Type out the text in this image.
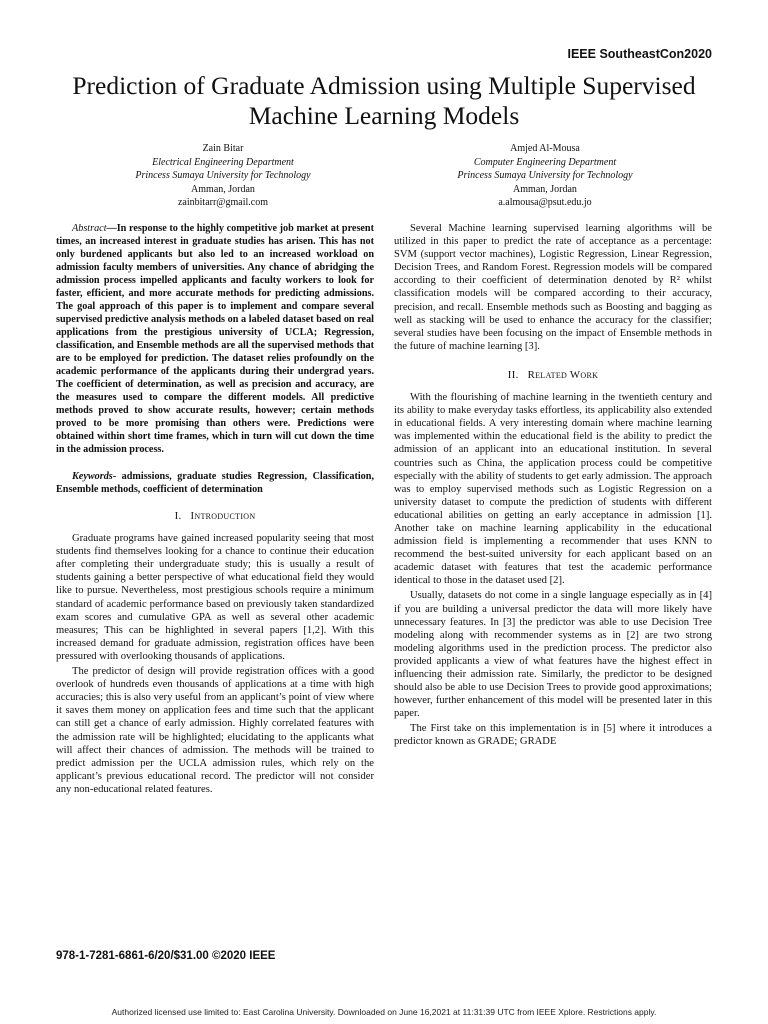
IEEE SoutheastCon2020
Prediction of Graduate Admission using Multiple Supervised Machine Learning Models
Zain Bitar
Electrical Engineering Department
Princess Sumaya University for Technology
Amman, Jordan
zainbitarr@gmail.com
Amjed Al-Mousa
Computer Engineering Department
Princess Sumaya University for Technology
Amman, Jordan
a.almousa@psut.edu.jo
Abstract—In response to the highly competitive job market at present times, an increased interest in graduate studies has arisen. This has not only burdened applicants but also led to an increased workload on admission faculty members of universities. Any chance of abridging the admission process impelled applicants and faculty workers to look for faster, efficient, and more accurate methods for predicting admissions. The goal approach of this paper is to implement and compare several supervised predictive analysis methods on a labeled dataset based on real applications from the prestigious university of UCLA; Regression, classification, and Ensemble methods are all the supervised methods that are to be employed for prediction. The dataset relies profoundly on the academic performance of the applicants during their undergrad years. The coefficient of determination, as well as precision and accuracy, are the measures used to compare the different models. All predictive methods proved to show accurate results, however; certain methods proved to be more promising than others were. Predictions were obtained within short time frames, which in turn will cut down the time in the admission process.
Keywords- admissions, graduate studies Regression, Classification, Ensemble methods, coefficient of determination
I. Introduction

Graduate programs have gained increased popularity seeing that most students find themselves looking for a chance to continue their education after completing their undergraduate study; this is usually a result of students gaining a better perspective of what educational field they would like to pursue. Nevertheless, most prestigious schools require a minimum standard of academic performance based on previously taken standardized exam scores and cumulative GPA as well as several other academic measures; This can be highlighted in several papers [1,2]. With this increased demand for graduate admission, registration offices have been pressured with overlooking thousands of applications.

The predictor of design will provide registration offices with a good overlook of hundreds even thousands of applications at a time with high accuracies; this is also very useful from an applicant’s point of view where it saves them money on application fees and time such that the applicant can still get a chance of early admission. Highly correlated features with the admission rate will be highlighted; elucidating to the applicants what will affect their chances of admission. The methods will be trained to predict admission per the UCLA admission rules, which rely on the applicant’s previous educational record. The predictor will not consider any non-educational related features.

Several Machine learning supervised learning algorithms will be utilized in this paper to predict the rate of acceptance as a percentage: SVM (support vector machines), Logistic Regression, Linear Regression, Decision Trees, and Random Forest. Regression models will be compared according to their coefficient of determination denoted by R² whilst classification models will be compared according to their accuracy, precision, and recall. Ensemble methods such as Boosting and bagging as well as stacking will be used to enhance the accuracy for the classifier; several studies have been focusing on the impact of Ensemble methods in the future of machine learning [3].

II. Related Work

With the flourishing of machine learning in the twentieth century and its ability to make everyday tasks effortless, its applicability also extended in educational fields. A very interesting domain where machine learning was implemented within the educational field is the ability to predict the admission of an applicant into an educational institution. In several countries such as China, the application process could be competitive especially with the ability of students to get early admission. The approach was to employ supervised methods such as Logistic Regression on a university dataset to compute the prediction of students with different educational abilities on getting an early acceptance in admission [1]. Another take on machine learning applicability in the educational admission field is implementing a recommender that uses KNN to recommend the best-suited university for each applicant based on an academic dataset with features that test the academic performance identical to those in the dataset used [2].

Usually, datasets do not come in a single language especially as in [4] if you are building a universal predictor the data will more likely have unnecessary features. In [3] the predictor was able to use Decision Tree modeling along with recommender systems as in [2] are two strong modeling algorithms used in the prediction process. The predictor also provided applicants a view of what features have the highest effect in influencing their admission rate. Similarly, the predictor to be designed should also be able to use Decision Trees to provide good approximations; however, further enhancement of this model will be presented later in this paper.

The First take on this implementation is in [5] where it introduces a predictor known as GRADE; GRADE

978-1-7281-6861-6/20/$31.00 ©2020 IEEE
Authorized licensed use limited to: East Carolina University. Downloaded on June 16,2021 at 11:31:39 UTC from IEEE Xplore. Restrictions apply.
